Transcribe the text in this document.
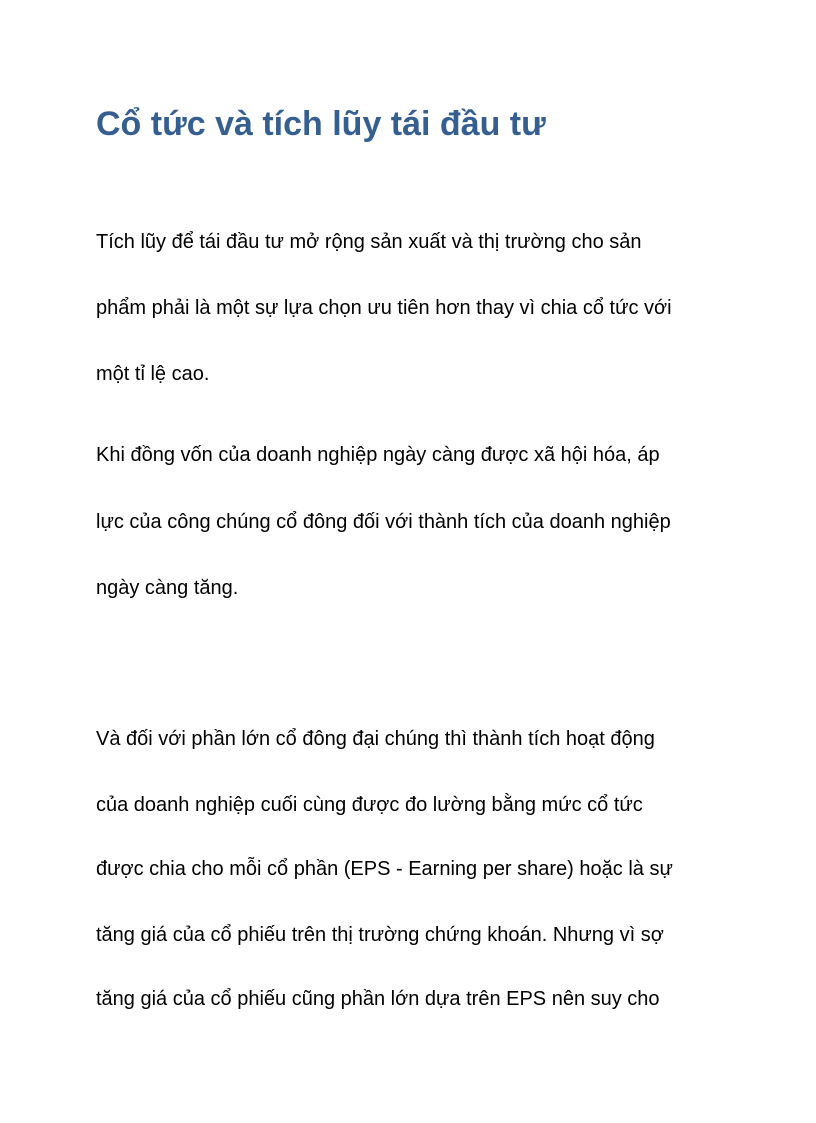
Cổ tức và tích lũy tái đầu tư

Tích lũy để tái đầu tư mở rộng sản xuất và thị trường cho sản

phẩm phải là một sự lựa chọn ưu tiên hơn thay vì chia cổ tức với

một tỉ lệ cao.

Khi đồng vốn của doanh nghiệp ngày càng được xã hội hóa, áp

lực của công chúng cổ đông đối với thành tích của doanh nghiệp

ngày càng tăng.

Và đối với phần lớn cổ đông đại chúng thì thành tích hoạt động

của doanh nghiệp cuối cùng được đo lường bằng mức cổ tức

được chia cho mỗi cổ phần (EPS - Earning per share) hoặc là sự

tăng giá của cổ phiếu trên thị trường chứng khoán. Nhưng vì sợ

tăng giá của cổ phiếu cũng phần lớn dựa trên EPS nên suy cho
